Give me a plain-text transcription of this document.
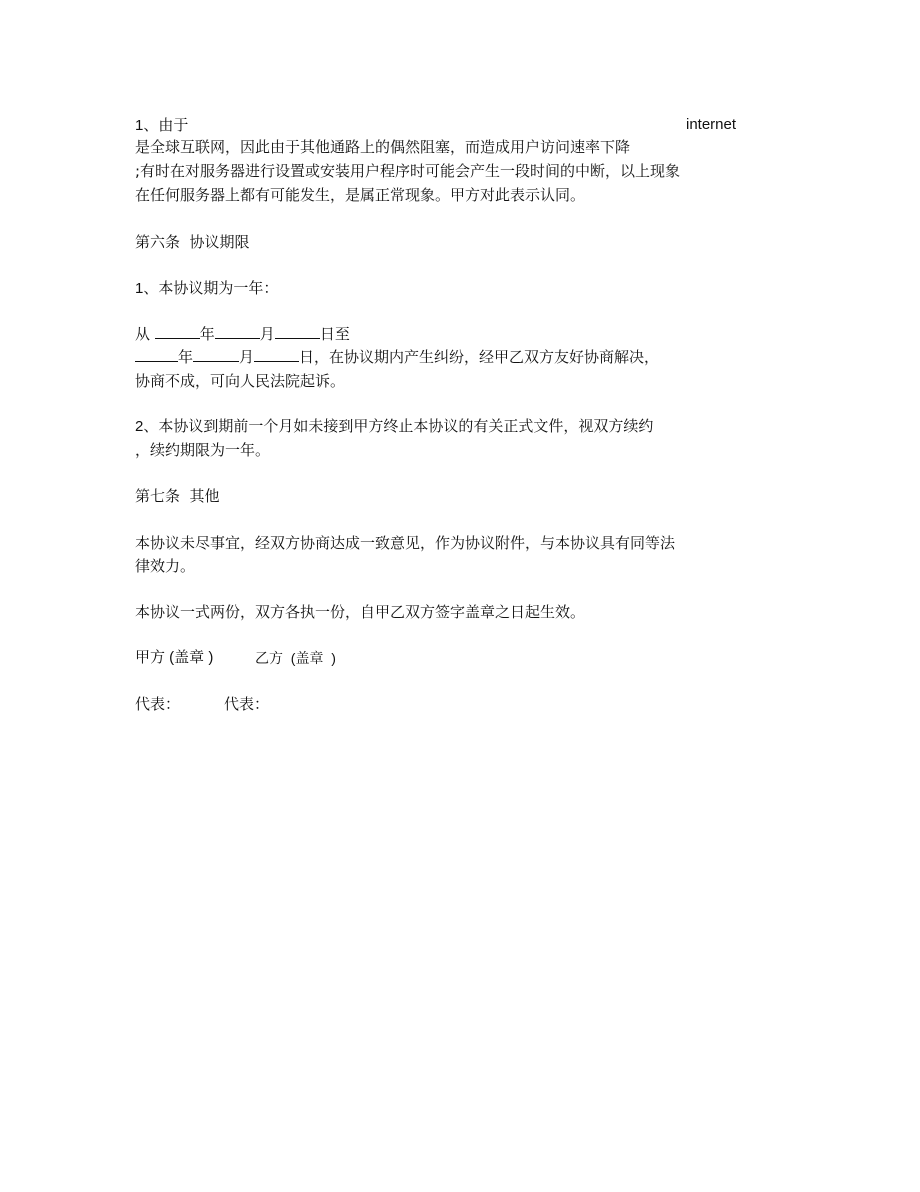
1、由于	internet
是全球互联网，因此由于其他通路上的偶然阻塞，而造成用户访问速率下降
;有时在对服务器进行设置或安装用户程序时可能会产生一段时间的中断，以上现象
在任何服务器上都有可能发生，是属正常现象。甲方对此表示认同。
第六条  协议期限
1、本协议期为一年：
从	年	月	日至
年	月	日，在协议期内产生纠纷，经甲乙双方友好协商解决，
协商不成，可向人民法院起诉。
2、本协议到期前一个月如未接到甲方终止本协议的有关正式文件，视双方续约
，续约期限为一年。
第七条  其他
本协议未尽事宜，经双方协商达成一致意见，作为协议附件，与本协议具有同等法
律效力。
本协议一式两份，双方各执一份，自甲乙双方签字盖章之日起生效。
甲方 (盖章 )	乙方  (盖章  )
代表：	代表：
